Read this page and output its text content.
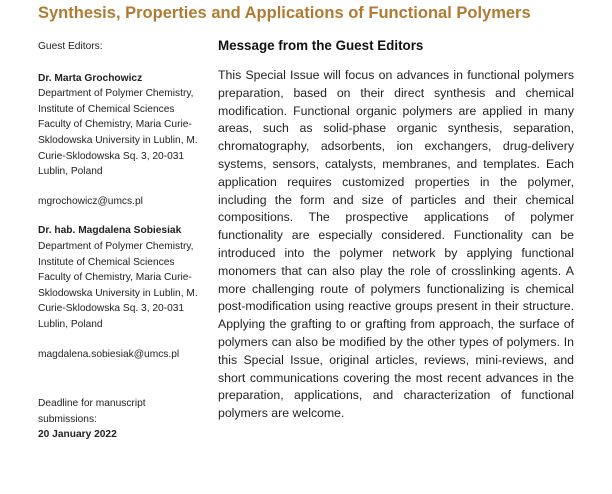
Synthesis, Properties and Applications of Functional Polymers
Guest Editors:
Dr. Marta Grochowicz
Department of Polymer Chemistry, Institute of Chemical Sciences Faculty of Chemistry, Maria Curie-Sklodowska University in Lublin, M. Curie-Sklodowska Sq. 3, 20-031 Lublin, Poland
mgrochowicz@umcs.pl
Dr. hab. Magdalena Sobiesiak
Department of Polymer Chemistry, Institute of Chemical Sciences Faculty of Chemistry, Maria Curie-Sklodowska University in Lublin, M. Curie-Sklodowska Sq. 3, 20-031 Lublin, Poland
magdalena.sobiesiak@umcs.pl
Deadline for manuscript submissions:
20 January 2022
Message from the Guest Editors

This Special Issue will focus on advances in functional polymers preparation, based on their direct synthesis and chemical modification. Functional organic polymers are applied in many areas, such as solid-phase organic synthesis, separation, chromatography, adsorbents, ion exchangers, drug-delivery systems, sensors, catalysts, membranes, and templates. Each application requires customized properties in the polymer, including the form and size of particles and their chemical compositions. The prospective applications of polymer functionality are especially considered. Functionality can be introduced into the polymer network by applying functional monomers that can also play the role of crosslinking agents. A more challenging route of polymers functionalizing is chemical post-modification using reactive groups present in their structure. Applying the grafting to or grafting from approach, the surface of polymers can also be modified by the other types of polymers. In this Special Issue, original articles, reviews, mini-reviews, and short communications covering the most recent advances in the preparation, applications, and characterization of functional polymers are welcome.
